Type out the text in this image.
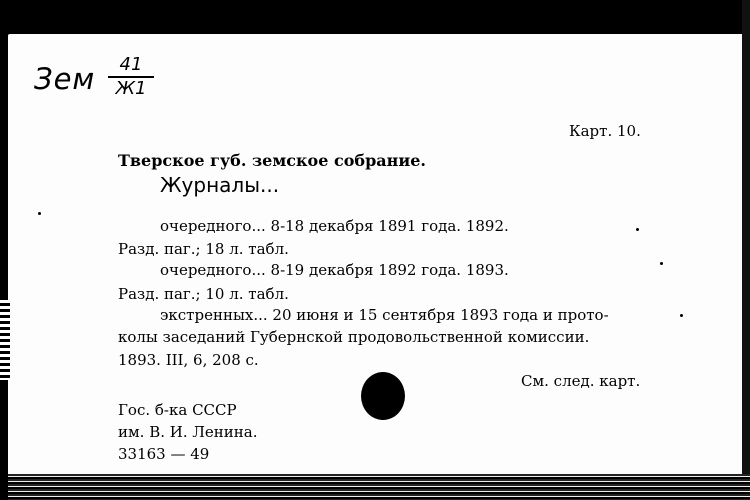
Зем	41
Ж1
Карт. 10.
Тверское губ. земское собрание.
Журналы...
очередного... 8-18 декабря 1891 года. 1892.
Разд. паг.; 18 л. табл.
очередного... 8-19 декабря 1892 года. 1893.
Разд. паг.; 10 л. табл.
экстренных... 20 июня и 15 сентября 1893 года и прото-
колы заседаний Губернской продовольственной комиссии.
1893. III, 6, 208 с.
См. след. карт.
Гос. б-ка СССР
им. В. И. Ленина.
33163 — 49
